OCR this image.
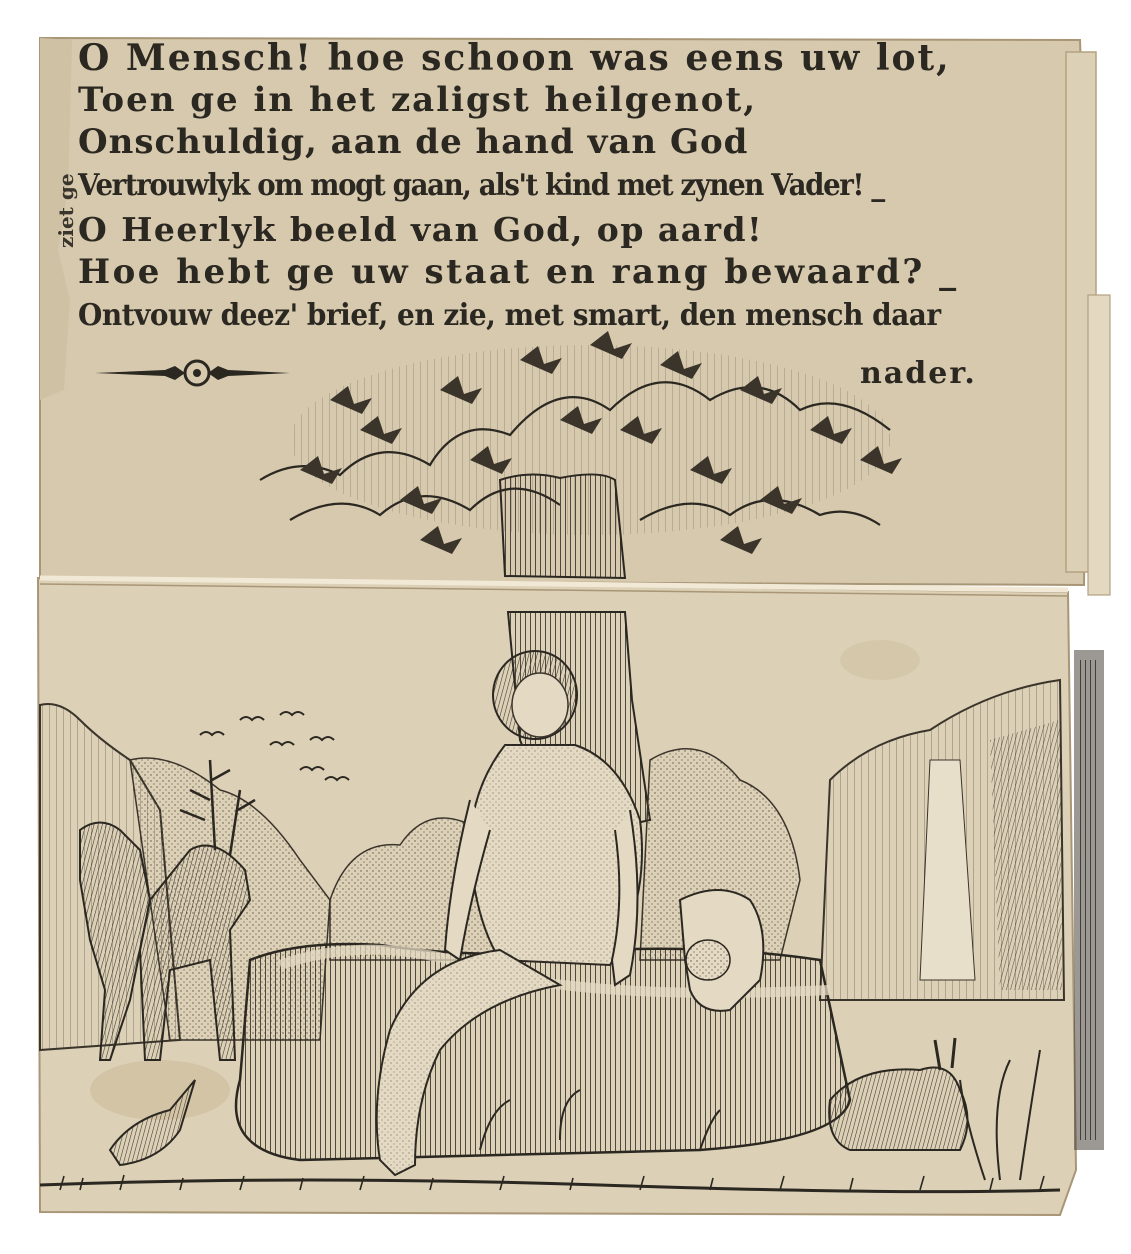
O Mensch! hoe schoon was eens uw lot,
Toen ge in het zaligst heilgenot,
Onschuldig, aan de hand van God
Vertrouwlyk om mogt gaan, als't kind met zynen Vader! _
O Heerlyk beeld van God, op aard!
Hoe hebt ge uw staat en rang bewaard? _
Ontvouw deez' brief, en zie, met smart, den mensch daar
ziet ge
nader.
